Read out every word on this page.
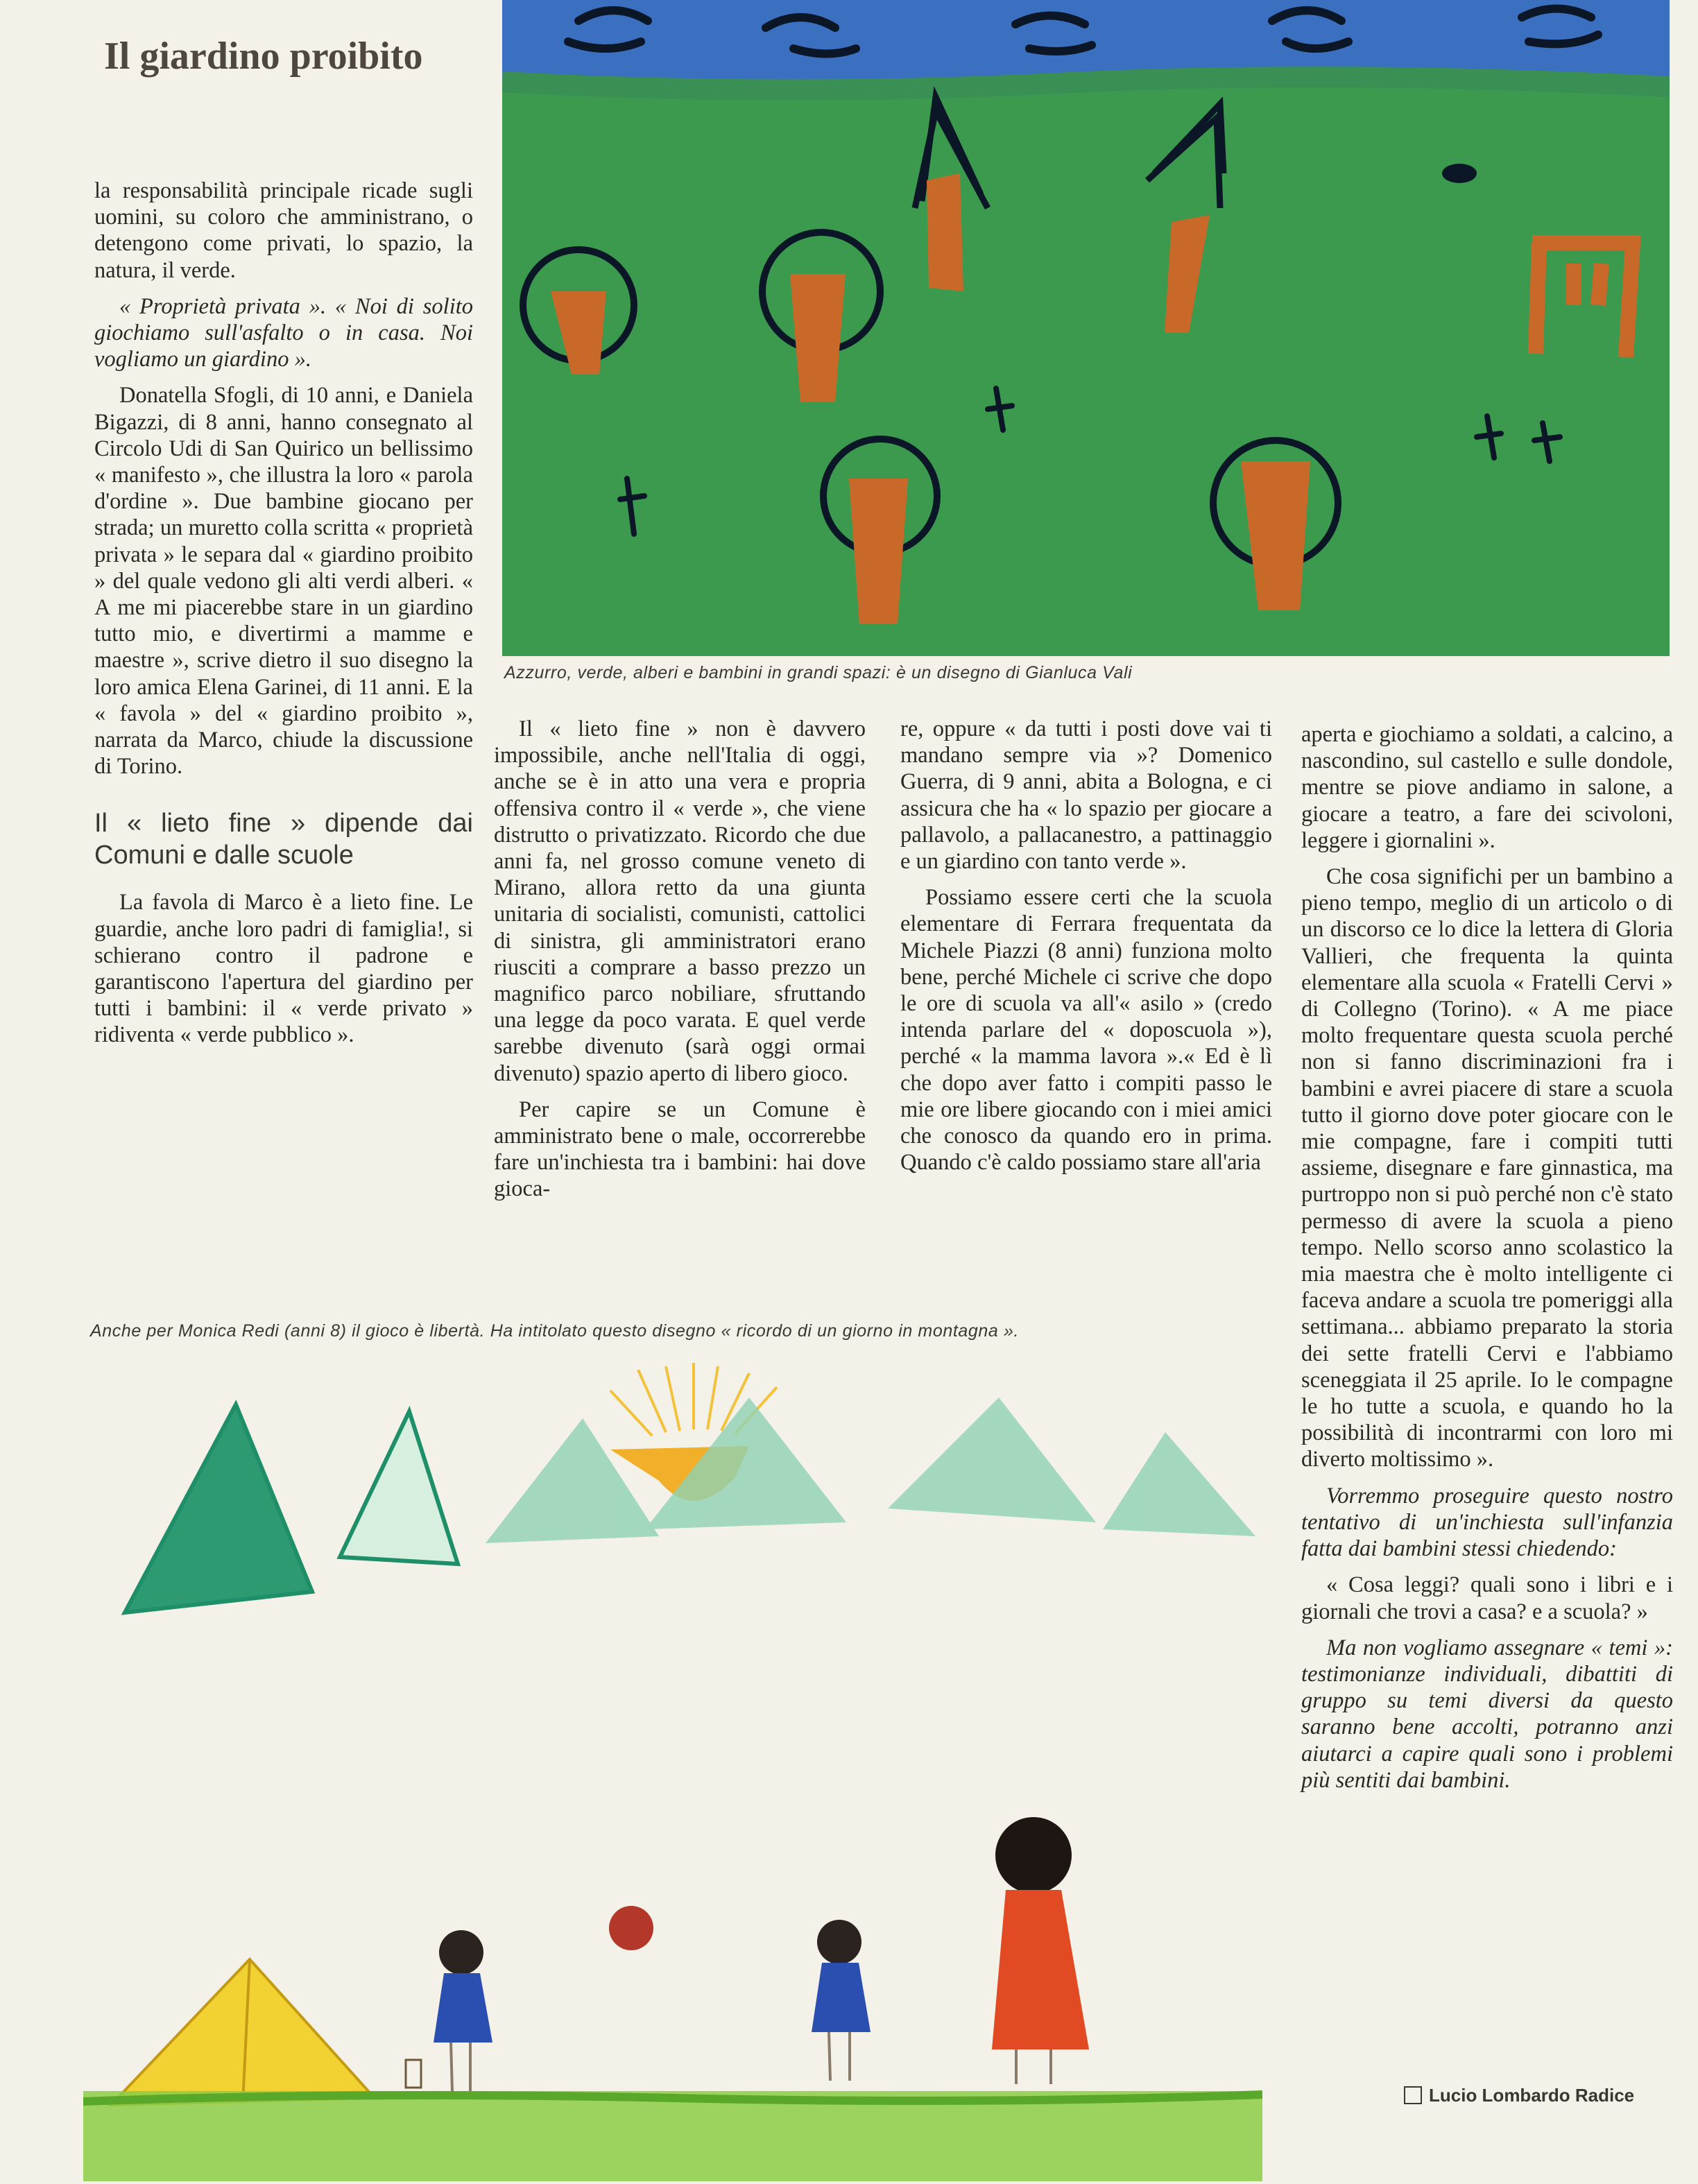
Il giardino proibito
Azzurro, verde, alberi e bambini in grandi spazi: è un disegno di Gianluca Vali

la responsabilità principale ricade sugli uomini, su coloro che amministrano, o detengono come privati, lo spazio, la natura, il verde.

« Proprietà privata ». « Noi di solito giochiamo sull'asfalto o in casa. Noi vogliamo un giardino ».

Donatella Sfogli, di 10 anni, e Daniela Bigazzi, di 8 anni, hanno consegnato al Circolo Udi di San Quirico un bellissimo « manifesto », che illustra la loro « parola d'ordine ». Due bambine giocano per strada; un muretto colla scritta « proprietà privata » le separa dal « giardino proibito » del quale vedono gli alti verdi alberi. « A me mi piacerebbe stare in un giardino tutto mio, e divertirmi a mamme e maestre », scrive dietro il suo disegno la loro amica Elena Garinei, di 11 anni. E la « favola » del « giardino proibito », narrata da Marco, chiude la discussione di Torino.

Il « lieto fine » dipende dai Comuni e dalle scuole

La favola di Marco è a lieto fine. Le guardie, anche loro padri di famiglia!, si schierano contro il padrone e garantiscono l'apertura del giardino per tutti i bambini: il « verde privato » ridiventa « verde pubblico ».

Il « lieto fine » non è davvero impossibile, anche nell'Italia di oggi, anche se è in atto una vera e propria offensiva contro il « verde », che viene distrutto o privatizzato. Ricordo che due anni fa, nel grosso comune veneto di Mirano, allora retto da una giunta unitaria di socialisti, comunisti, cattolici di sinistra, gli amministratori erano riusciti a comprare a basso prezzo un magnifico parco nobiliare, sfruttando una legge da poco varata. E quel verde sarebbe divenuto (sarà oggi ormai divenuto) spazio aperto di libero gioco.

Per capire se un Comune è amministrato bene o male, occorrerebbe fare un'inchiesta tra i bambini: hai dove gioca-

re, oppure « da tutti i posti dove vai ti mandano sempre via »? Domenico Guerra, di 9 anni, abita a Bologna, e ci assicura che ha « lo spazio per giocare a pallavolo, a pallacanestro, a pattinaggio e un giardino con tanto verde ».

Possiamo essere certi che la scuola elementare di Ferrara frequentata da Michele Piazzi (8 anni) funziona molto bene, perché Michele ci scrive che dopo le ore di scuola va all'« asilo » (credo intenda parlare del « doposcuola »), perché « la mamma lavora ».« Ed è lì che dopo aver fatto i compiti passo le mie ore libere giocando con i miei amici che conosco da quando ero in prima. Quando c'è caldo possiamo stare all'aria

aperta e giochiamo a soldati, a calcino, a nascondino, sul castello e sulle dondole, mentre se piove andiamo in salone, a giocare a teatro, a fare dei scivoloni, leggere i giornalini ».

Che cosa significhi per un bambino a pieno tempo, meglio di un articolo o di un discorso ce lo dice la lettera di Gloria Vallieri, che frequenta la quinta elementare alla scuola « Fratelli Cervi » di Collegno (Torino). « A me piace molto frequentare questa scuola perché non si fanno discriminazioni fra i bambini e avrei piacere di stare a scuola tutto il giorno dove poter giocare con le mie compagne, fare i compiti tutti assieme, disegnare e fare ginnastica, ma purtroppo non si può perché non c'è stato permesso di avere la scuola a pieno tempo. Nello scorso anno scolastico la mia maestra che è molto intelligente ci faceva andare a scuola tre pomeriggi alla settimana... abbiamo preparato la storia dei sette fratelli Cervi e l'abbiamo sceneggiata il 25 aprile. Io le compagne le ho tutte a scuola, e quando ho la possibilità di incontrarmi con loro mi diverto moltissimo ».

Vorremmo proseguire questo nostro tentativo di un'inchiesta sull'infanzia fatta dai bambini stessi chiedendo:

« Cosa leggi? quali sono i libri e i giornali che trovi a casa? e a scuola? »

Ma non vogliamo assegnare « temi »: testimonianze individuali, dibattiti di gruppo su temi diversi da questo saranno bene accolti, potranno anzi aiutarci a capire quali sono i problemi più sentiti dai bambini.

Anche per Monica Redi (anni 8) il gioco è libertà. Ha intitolato questo disegno « ricordo di un giorno in montagna ».
Lucio Lombardo Radice
